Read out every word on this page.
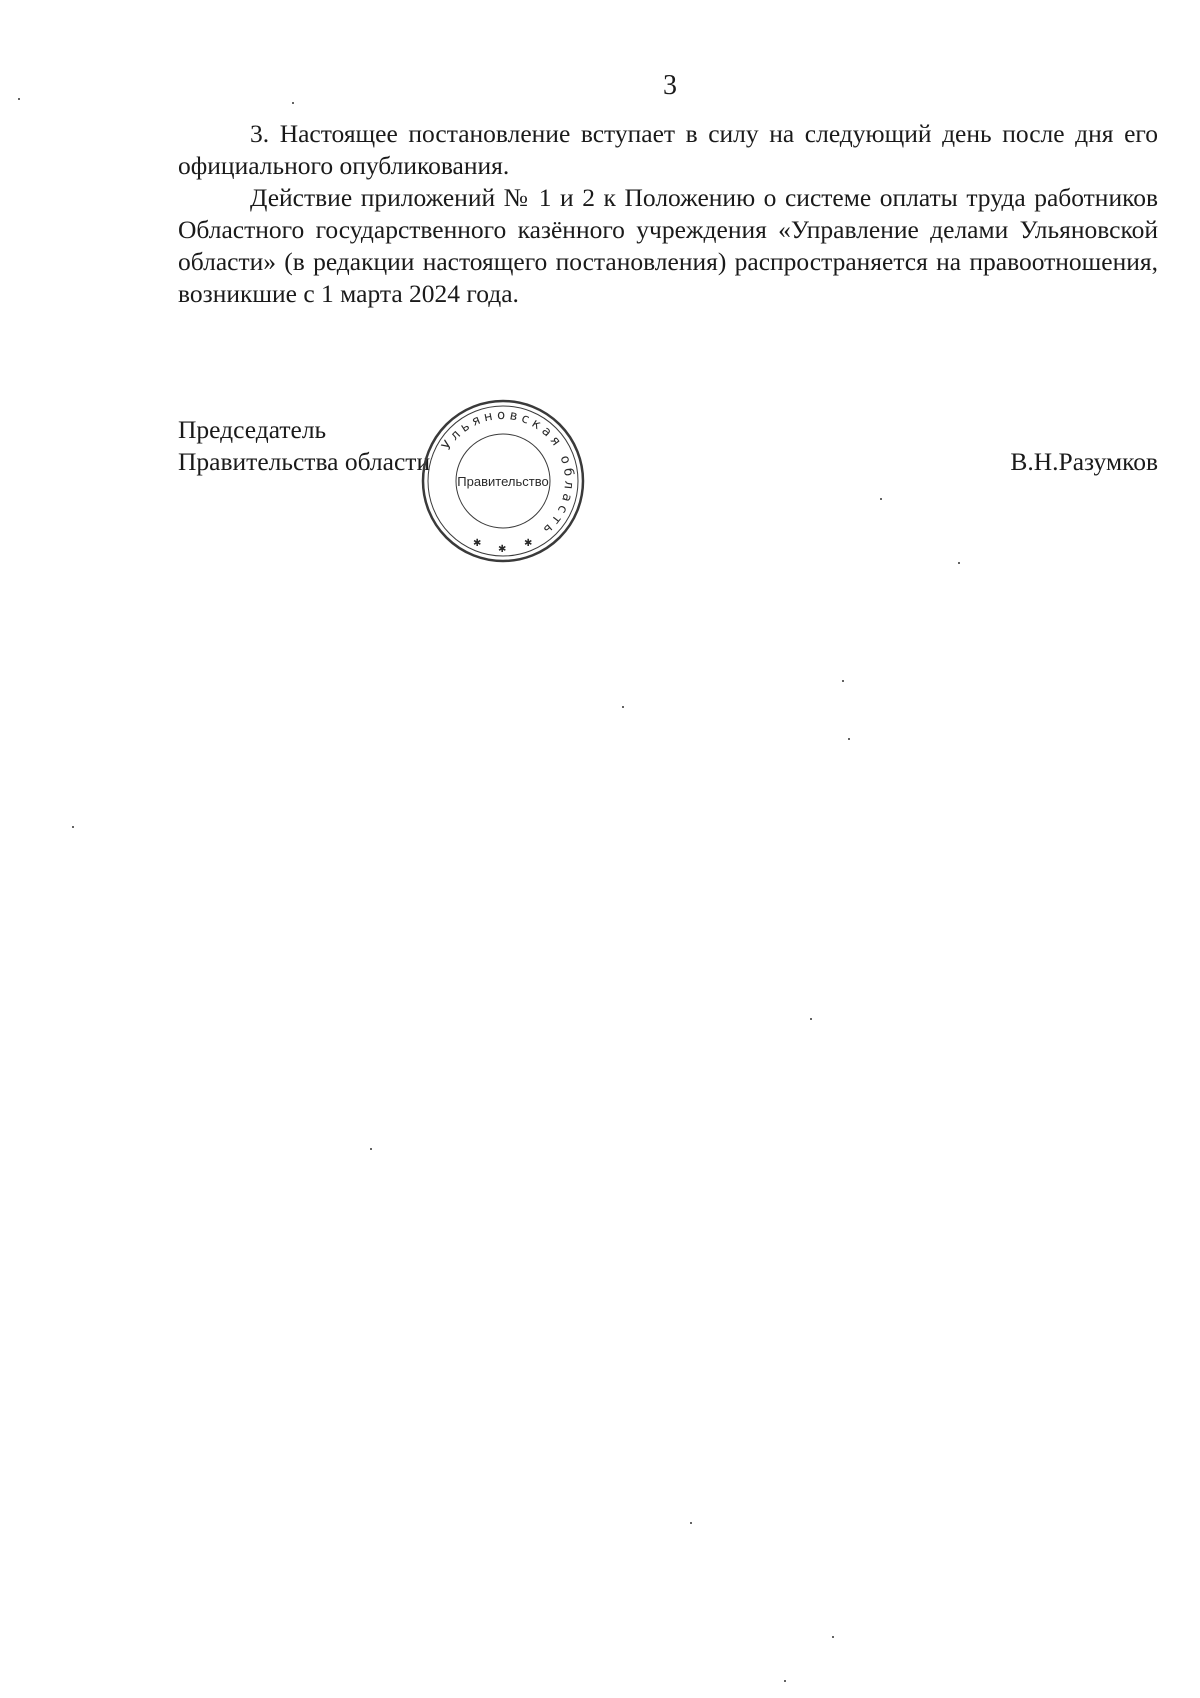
3

3. Настоящее постановление вступает в силу на следующий день после дня его официального опубликования.

Действие приложений № 1 и 2 к Положению о системе оплаты труда работников Областного государственного казённого учреждения «Управление делами Ульяновской области» (в редакции настоящего постановления) распространяется на правоотношения, возникшие с 1 марта 2024 года.

Председатель
Правительства области
Ульяновская область
Правительство
✱
✱
✱
В.Н.Разумков
